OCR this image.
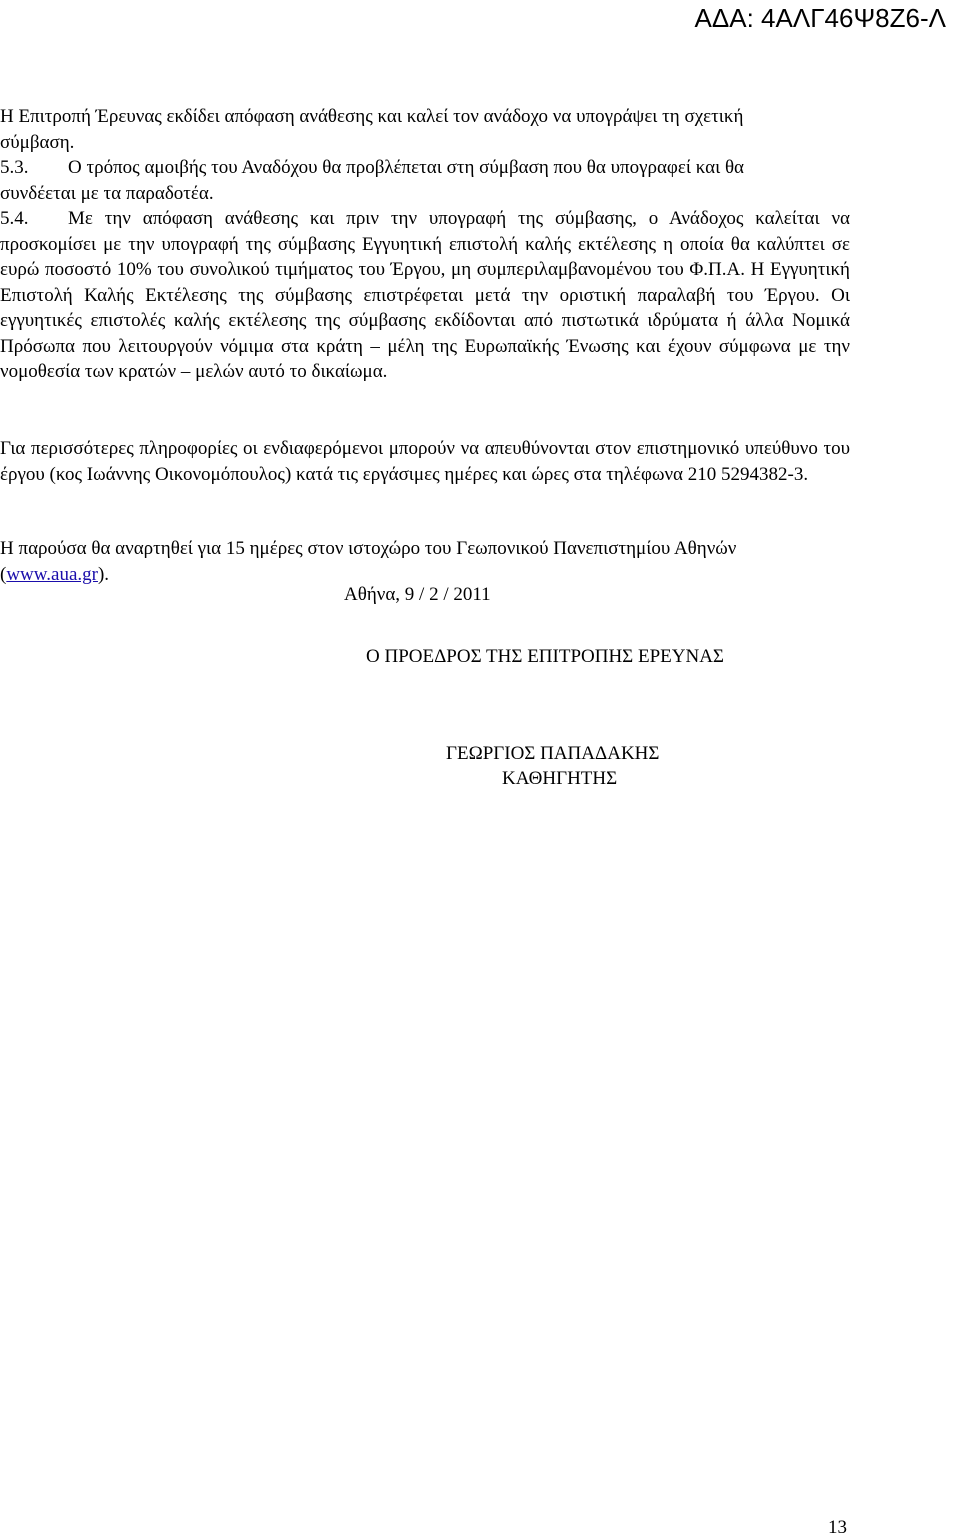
ΑΔΑ: 4ΑΛΓ46Ψ8Ζ6-Λ
Η Επιτροπή Έρευνας εκδίδει απόφαση ανάθεσης και καλεί τον ανάδοχο να υπογράψει τη σχετική
σύμβαση.
5.3. Ο τρόπος αμοιβής του Αναδόχου θα προβλέπεται στη σύμβαση που θα υπογραφεί και θα
συνδέεται με τα παραδοτέα.
5.4. Με την απόφαση ανάθεσης και πριν την υπογραφή της σύμβασης, ο Ανάδοχος καλείται να προσκομίσει με την υπογραφή της σύμβασης Εγγυητική επιστολή καλής εκτέλεσης η οποία θα καλύπτει σε ευρώ ποσοστό 10% του συνολικού τιμήματος του Έργου, μη συμπεριλαμβανομένου του Φ.Π.Α. Η Εγγυητική Επιστολή Καλής Εκτέλεσης της σύμβασης επιστρέφεται μετά την οριστική παραλαβή του Έργου. Οι εγγυητικές επιστολές καλής εκτέλεσης της σύμβασης εκδίδονται από πιστωτικά ιδρύματα ή άλλα Νομικά Πρόσωπα που λειτουργούν νόμιμα στα κράτη – μέλη της Ευρωπαϊκής Ένωσης και έχουν σύμφωνα με την νομοθεσία των κρατών – μελών αυτό το δικαίωμα.
Για περισσότερες πληροφορίες οι ενδιαφερόμενοι μπορούν να απευθύνονται στον επιστημονικό υπεύθυνο του έργου (κος Ιωάννης Οικονομόπουλος) κατά τις εργάσιμες ημέρες και ώρες στα τηλέφωνα 210 5294382-3.
Η παρούσα θα αναρτηθεί για 15 ημέρες στον ιστοχώρο του Γεωπονικού Πανεπιστημίου Αθηνών (www.aua.gr).
Αθήνα, 9 / 2 / 2011
Ο ΠΡΟΕΔΡΟΣ ΤΗΣ ΕΠΙΤΡΟΠΗΣ ΕΡΕΥΝΑΣ
ΓΕΩΡΓΙΟΣ ΠΑΠΑΔΑΚΗΣ
ΚΑΘΗΓΗΤΗΣ
13
